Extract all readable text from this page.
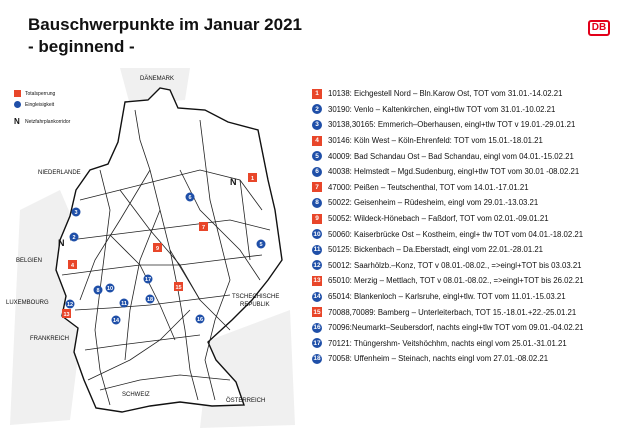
Bauschwerpunkte im Januar 2021
- beginnend -
DB
Totalsperrung
Eingleisigkeit
N	Netzfahrplankorridor
DÄNEMARK
NIEDERLANDE
BELGIEN
LUXEMBOURG
FRANKREICH
SCHWEIZ
ÖSTERREICH
TSCHECHISCHE
REPUBLIK
N
N
1
2
3
4
5
6
7
8
9
10
11
12
13
14
15
16
17
18
1	10138: Eichgestell Nord – Bln.Karow Ost, TOT vom 31.01.-14.02.21
2	30190: Venlo – Kaltenkirchen, eingl+tlw TOT vom 31.01.-10.02.21
3	30138,30165: Emmerich–Oberhausen, eingl+tlw TOT v 19.01.-29.01.21
4	30146: Köln West – Köln-Ehrenfeld: TOT vom 15.01.-18.01.21
5	40009: Bad Schandau Ost – Bad Schandau, eingl vom 04.01.-15.02.21
6	40038: Helmstedt – Mgd.Sudenburg, eingl+tlw TOT vom 30.01 -08.02.21
7	47000: Peißen – Teutschenthal, TOT vom 14.01.-17.01.21
8	50022: Geisenheim – Rüdesheim, eingl vom 29.01.-13.03.21
9	50052: Wildeck-Hönebach – Faßdorf, TOT vom 02.01.-09.01.21
10 50060: Kaiserbrücke Ost – Kostheim, eingl+ tlw TOT vom 04.01.-18.02.21
11 50125: Bickenbach – Da.Eberstadt, eingl vom 22.01.-28.01.21
12 50012: Saarhölzb.–Konz, TOT v 08.01.-08.02., =>eingl+TOT bis 03.03.21
13 65010: Merzig – Mettlach, TOT v 08.01.-08.02., =>eingl+TOT bis 26.02.21
14 65014: Blankenloch – Karlsruhe, eingl+tlw. TOT vom 11.01.-15.03.21
15 70088,70089: Bamberg – Unterleiterbach, TOT 15.-18.01.+22.-25.01.21
16 70096:Neumarkt–Seubersdorf, nachts eingl+tlw TOT vom 09.01.-04.02.21
17 70121: Thüngershm- Veitshöchhm, nachts eingl vom 25.01.-31.01.21
18 70058: Uffenheim – Steinach, nachts eingl vom 27.01.-08.02.21
